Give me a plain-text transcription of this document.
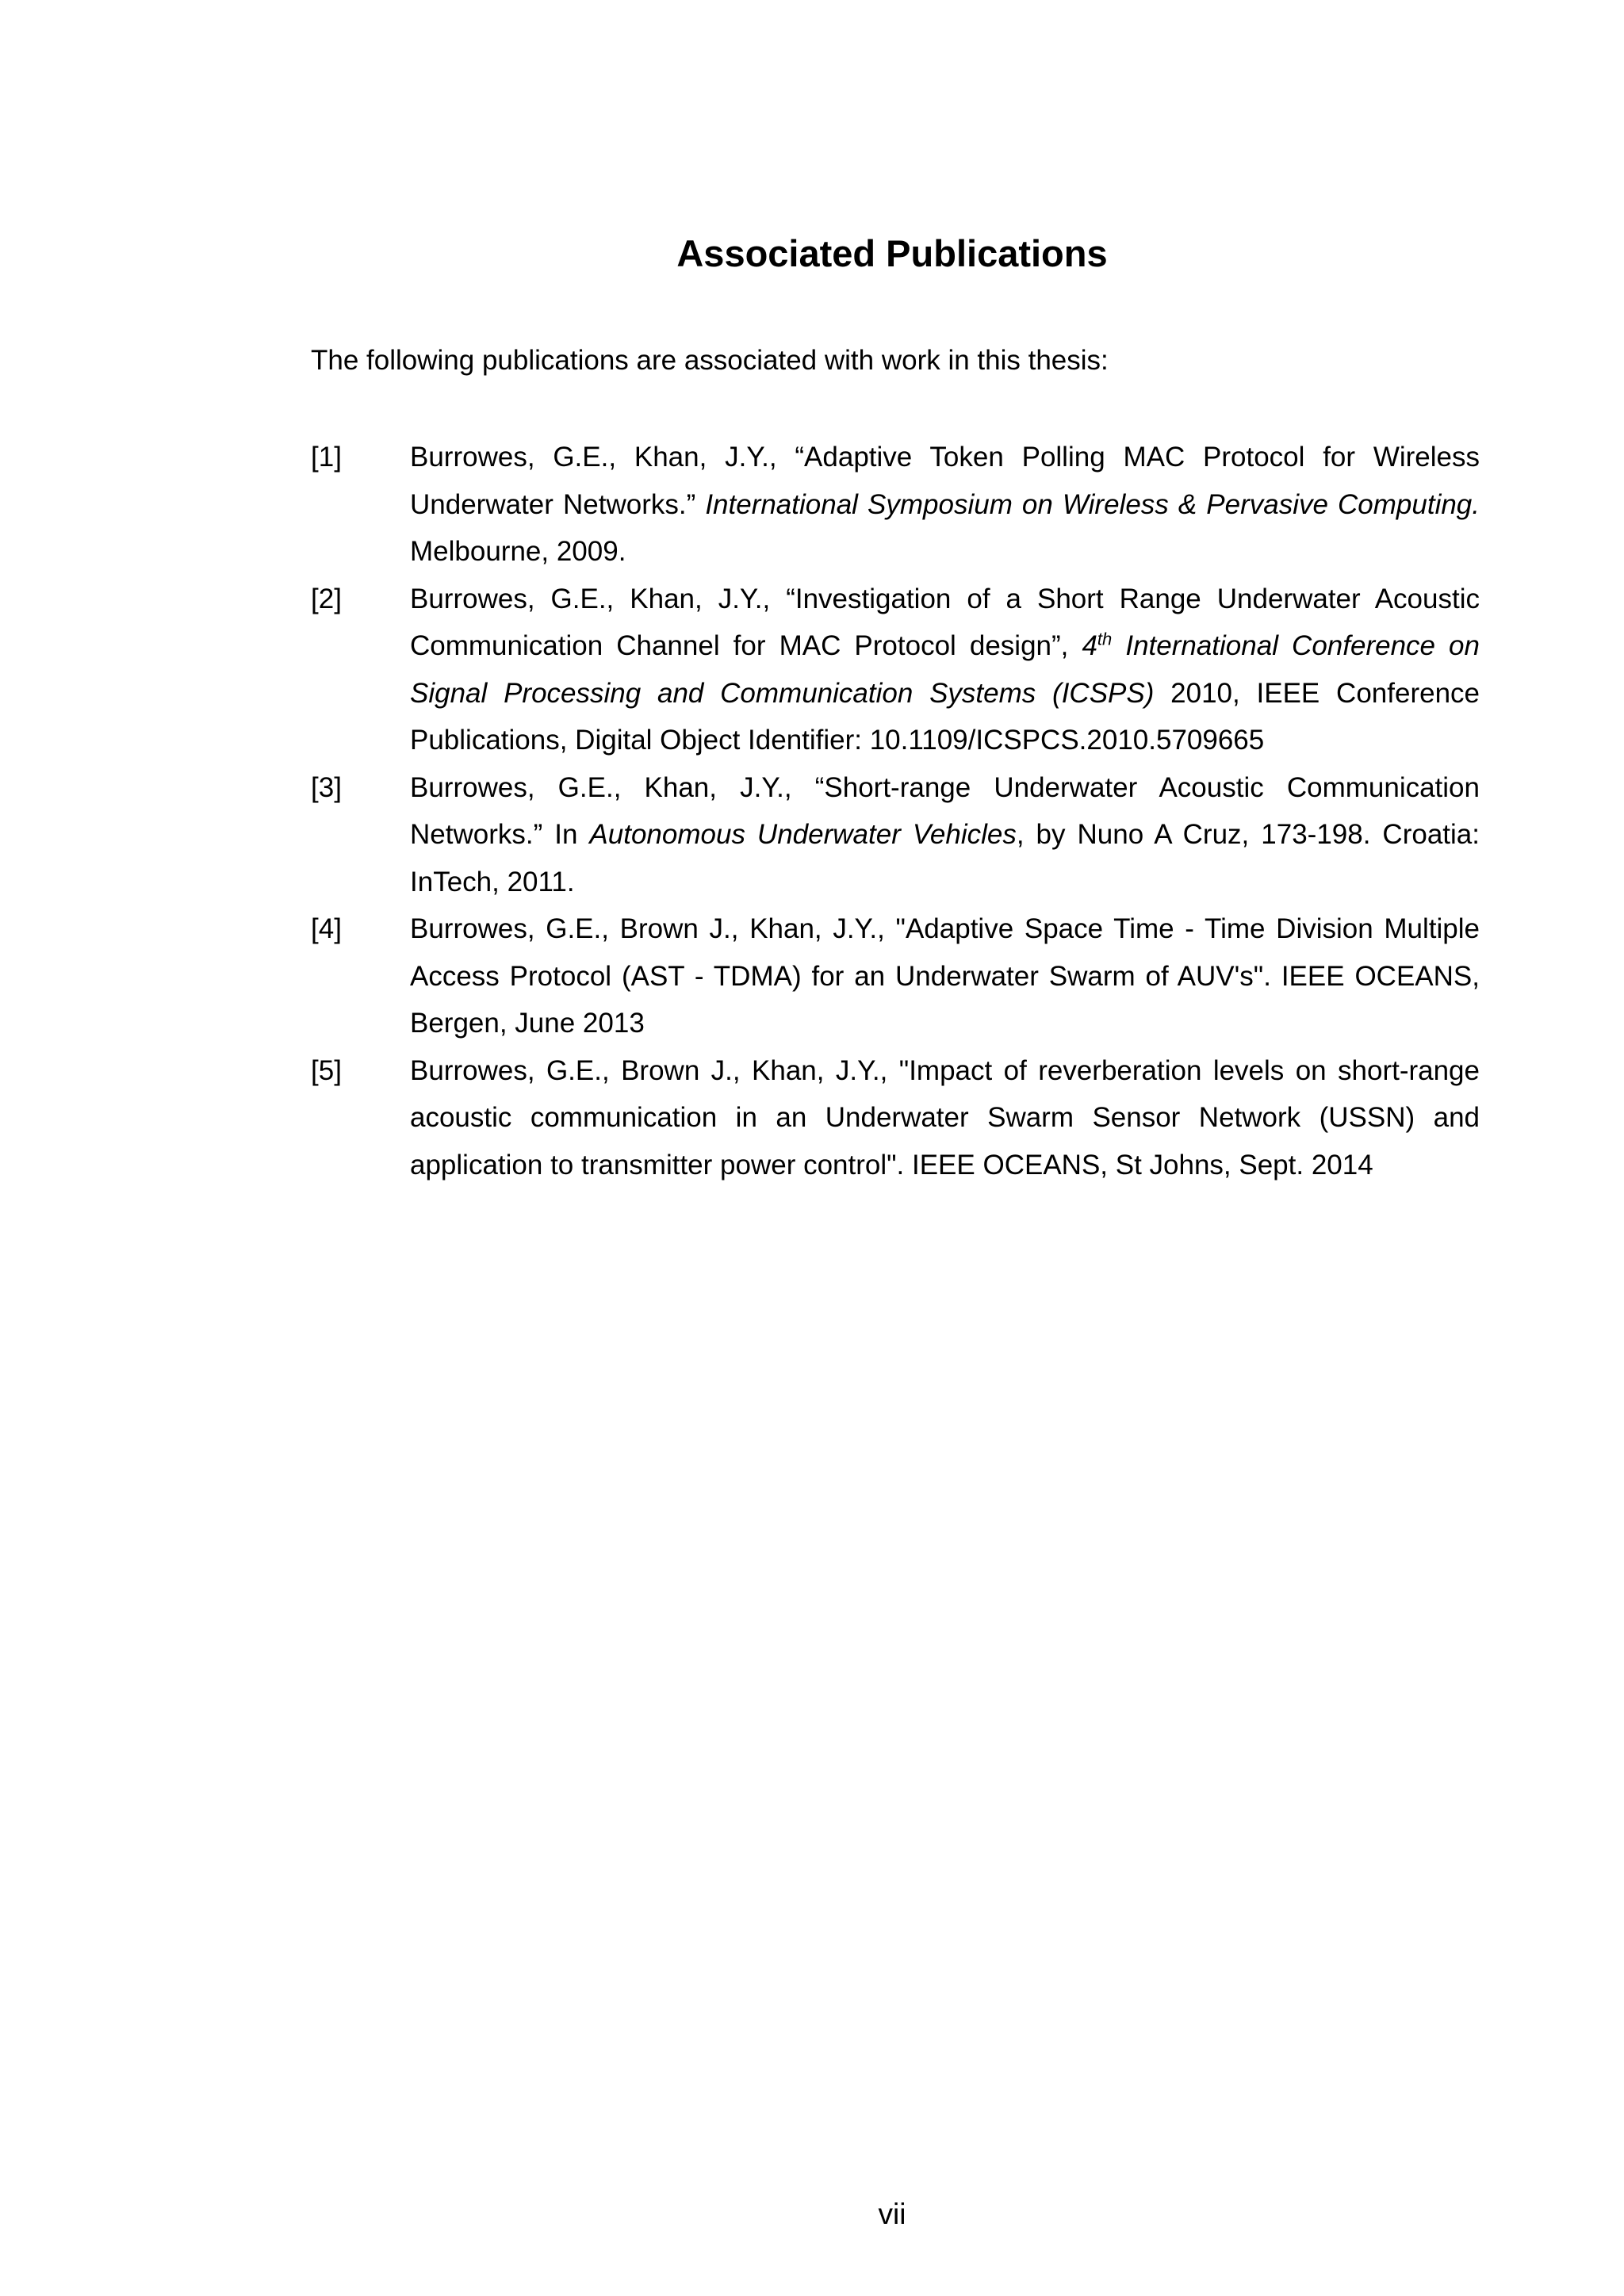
Associated Publications

The following publications are associated with work in this thesis:

[1] Burrowes, G.E., Khan, J.Y., “Adaptive Token Polling MAC Protocol for Wireless Underwater Networks.” International Symposium on Wireless & Pervasive Computing. Melbourne, 2009.
[2] Burrowes, G.E., Khan, J.Y., “Investigation of a Short Range Underwater Acoustic Communication Channel for MAC Protocol design”, 4th International Conference on Signal Processing and Communication Systems (ICSPS) 2010, IEEE Conference Publications, Digital Object Identifier: 10.1109/ICSPCS.2010.5709665
[3] Burrowes, G.E., Khan, J.Y., “Short-range Underwater Acoustic Communication Networks.” In Autonomous Underwater Vehicles, by Nuno A Cruz, 173-198. Croatia: InTech, 2011.
[4] Burrowes, G.E., Brown J., Khan, J.Y., "Adaptive Space Time - Time Division Multiple Access Protocol (AST - TDMA) for an Underwater Swarm of AUV's". IEEE OCEANS, Bergen, June 2013
[5] Burrowes, G.E., Brown J., Khan, J.Y., "Impact of reverberation levels on short-range acoustic communication in an Underwater Swarm Sensor Network (USSN) and application to transmitter power control". IEEE OCEANS, St Johns, Sept. 2014

vii
